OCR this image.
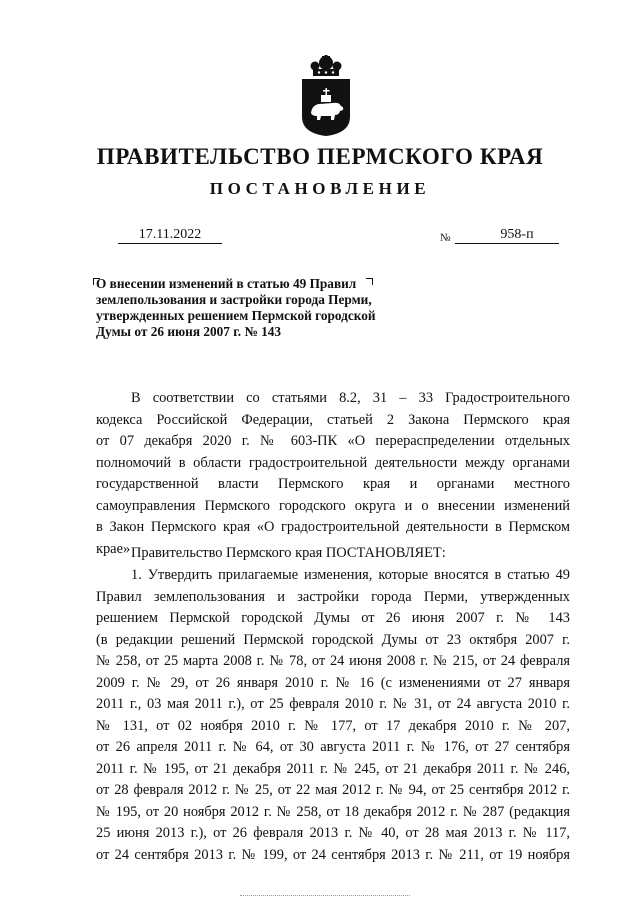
ПРАВИТЕЛЬСТВО ПЕРМСКОГО КРАЯ
ПОСТАНОВЛЕНИЕ
17.11.2022	№	958-п
О внесении изменений в статью 49 Правил
землепользования и застройки города Перми,
утвержденных решением Пермской городской
Думы от 26 июня 2007 г. № 143
В соответствии со статьями 8.2, 31 – 33 Градостроительного
кодекса Российской Федерации, статьей 2 Закона Пермского края
от 07 декабря 2020 г. № 603-ПК «О перераспределении отдельных
полномочий в области градостроительной деятельности между органами
государственной власти Пермского края и органами местного
самоуправления Пермского городского округа и о внесении изменений
в Закон Пермского края «О градостроительной деятельности в Пермском
крае» Правительство Пермского края ПОСТАНОВЛЯЕТ:
1. Утвердить прилагаемые изменения, которые вносятся в статью 49
Правил землепользования и застройки города Перми, утвержденных
решением Пермской городской Думы от 26 июня 2007 г. № 143
(в редакции решений Пермской городской Думы от 23 октября 2007 г.
№ 258, от 25 марта 2008 г. № 78, от 24 июня 2008 г. № 215, от 24 февраля
2009 г. № 29, от 26 января 2010 г. № 16 (с изменениями от 27 января
2011 г., 03 мая 2011 г.), от 25 февраля 2010 г. № 31, от 24 августа 2010 г.
№ 131, от 02 ноября 2010 г. № 177, от 17 декабря 2010 г. № 207,
от 26 апреля 2011 г. № 64, от 30 августа 2011 г. № 176, от 27 сентября
2011 г. № 195, от 21 декабря 2011 г. № 245, от 21 декабря 2011 г. № 246,
от 28 февраля 2012 г. № 25, от 22 мая 2012 г. № 94, от 25 сентября 2012 г.
№ 195, от 20 ноября 2012 г. № 258, от 18 декабря 2012 г. № 287 (редакция
25 июня 2013 г.), от 26 февраля 2013 г. № 40, от 28 мая 2013 г. № 117,
от 24 сентября 2013 г. № 199, от 24 сентября 2013 г. № 211, от 19 ноября
